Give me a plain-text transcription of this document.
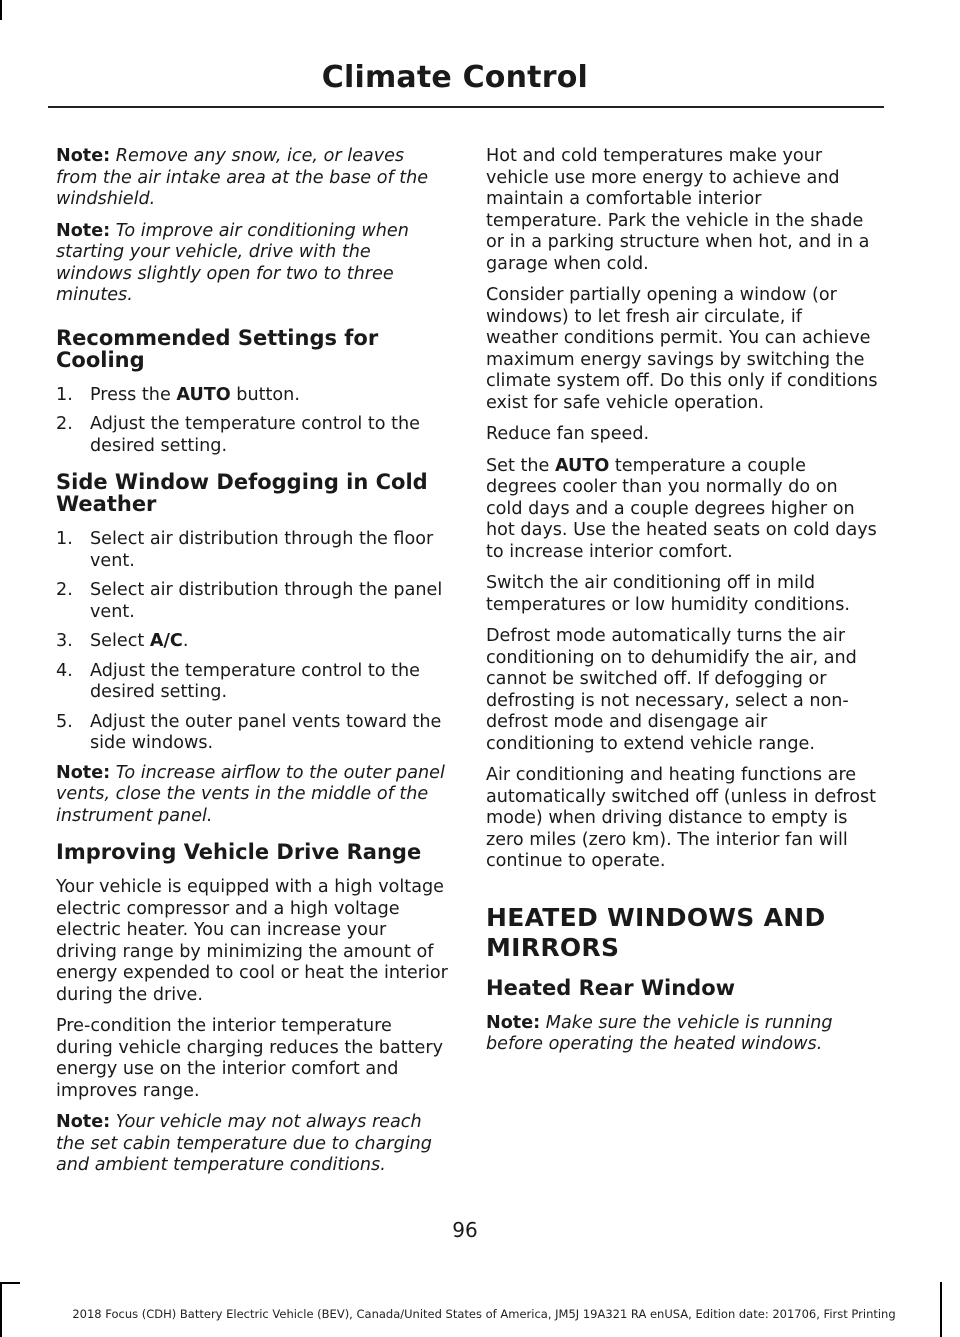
Climate Control

Note: Remove any snow, ice, or leaves from the air intake area at the base of the windshield.

Note: To improve air conditioning when starting your vehicle, drive with the windows slightly open for two to three minutes.

Recommended Settings for Cooling
1. Press the AUTO button.
2. Adjust the temperature control to the desired setting.
Side Window Defogging in Cold Weather
1. Select air distribution through the floor vent.
2. Select air distribution through the panel vent.
3. Select A/C.
4. Adjust the temperature control to the desired setting.
5. Adjust the outer panel vents toward the side windows.

Note: To increase airflow to the outer panel vents, close the vents in the middle of the instrument panel.

Improving Vehicle Drive Range

Your vehicle is equipped with a high voltage electric compressor and a high voltage electric heater. You can increase your driving range by minimizing the amount of energy expended to cool or heat the interior during the drive.

Pre-condition the interior temperature during vehicle charging reduces the battery energy use on the interior comfort and improves range.

Note: Your vehicle may not always reach the set cabin temperature due to charging and ambient temperature conditions.

Hot and cold temperatures make your vehicle use more energy to achieve and maintain a comfortable interior temperature. Park the vehicle in the shade or in a parking structure when hot, and in a garage when cold.

Consider partially opening a window (or windows) to let fresh air circulate, if weather conditions permit. You can achieve maximum energy savings by switching the climate system off. Do this only if conditions exist for safe vehicle operation.

Reduce fan speed.

Set the AUTO temperature a couple degrees cooler than you normally do on cold days and a couple degrees higher on hot days. Use the heated seats on cold days to increase interior comfort.

Switch the air conditioning off in mild temperatures or low humidity conditions.

Defrost mode automatically turns the air conditioning on to dehumidify the air, and cannot be switched off. If defogging or defrosting is not necessary, select a non-defrost mode and disengage air conditioning to extend vehicle range.

Air conditioning and heating functions are automatically switched off (unless in defrost mode) when driving distance to empty is zero miles (zero km). The interior fan will continue to operate.

HEATED WINDOWS AND
MIRRORS
Heated Rear Window

Note: Make sure the vehicle is running before operating the heated windows.

96
2018 Focus (CDH) Battery Electric Vehicle (BEV), Canada/United States of America, JM5J 19A321 RA enUSA, Edition date: 201706, First Printing
